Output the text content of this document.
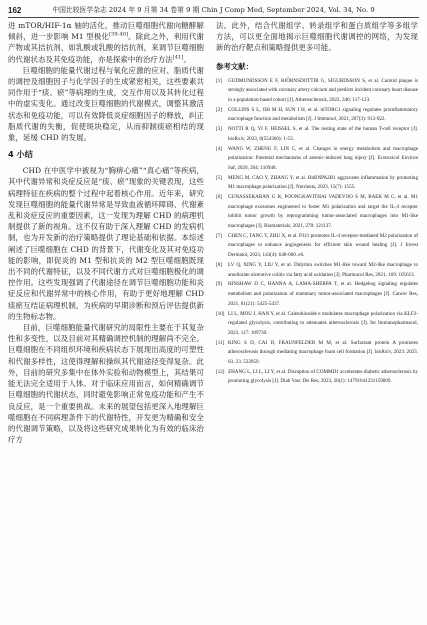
162	中国比较医学杂志 2024 年 9 月第 34 卷第 9 期 Chin J Comp Med, September 2024, Vol. 34, No. 9

进 mTOR/HIF-1α 轴的活化，推动巨噬细胞代谢向糖酵解倾斜，进一步影响 M1 型极化[39-40]。除此之外，利用代谢产物或其拮抗剂、如乳酸或乳酸的拮抗剂，来调节巨噬细胞的代谢状态及其免疫功能，亦是探索中的治疗方法[41]。

巨噬细胞的能量代谢过程与氧化应激的应对、脂质代谢的调控及细胞因子与化学因子的生成紧密相关，这些要素共同作用于“痰、瘀”等病理的生成，交互作用以及其转化过程中的虚实变化。通过改变巨噬细胞的代谢模式，调整其激活状态和免疫功能，可以有效降低炎症细胞因子的释放，纠正脂质代谢的失衡，促使斑块稳定，从而抑制痰瘀相结的现象，延缓 CHD 的发展。

4 小结

CHD 在中医学中被视为“胸痹心痛”“真心痛”等疾病，其中代谢异常和炎症反应是“痰、瘀”现象的关键表现，这些病理特征在疾病的整个过程中起着核心作用。近年来，研究发现巨噬细胞的能量代谢异常是导致血液循环障碍、代谢紊乱和炎症反应的重要因素，这一发现为理解 CHD 的病理机制提供了新的视角。这不仅有助于深入理解 CHD 的发病机制，也为开发新的治疗策略提供了理论基础和依据。本综述阐述了巨噬细胞在 CHD 的背景下，代谢变化及其对免疫功能的影响，即促炎的 M1 型和抗炎的 M2 型巨噬细胞既现出不同的代谢特征，以及不同代谢方式对巨噬细胞极化的调控作用。这些发现强调了代谢途径在调节巨噬细胞功能和炎症反应和代谢异常中的核心作用，有助于更好地理解 CHD 痰瘀互结证病理机制，为疾病的早期诊断和预后评估提供新的生物标志物。

目前，巨噬细胞能量代谢研究的局限性主要在于其复杂性和多变性，以及目前对其精确调控机制的理解尚不完全。巨噬细胞在不同组织环境和疾病状态下展现出高度的可塑性和代谢多样性，这使得理解和操纵其代谢途径变得复杂。此外，目前的研究多集中在体外实验和动物模型上，其结果可能无法完全适用于人体。对于临床应用而言，如何精确调节巨噬细胞的代谢状态，同时避免影响正常免疫功能和产生不良反应，是一个重要挑战。未来的展望包括更深入地理解巨噬细胞在不同病理条件下的代谢特性，开发更为精确和安全的代谢调节策略，以及将这些研究成果转化为有效的临床治疗方

法。此外，结合代谢组学、转录组学和蛋白质组学等多组学方法，可以更全面地揭示巨噬细胞代谢调控的网络，为发现新的治疗靶点和策略提供更多可能。

参考文献：
[1] GUDMUNDSSON E F, BJÖRNSDOTTIR G, SIGURDSSON S, et al. Carotid plaque is strongly associated with coronary artery calcium and predicts incident coronary heart disease in a population-based cohort [J]. Atherosclerosis, 2022, 346: 117-123.
[2] COLLINS S L, OH M H, SUN I H, et al. mTORC1 signaling regulates proinflammatory macrophage function and metabolism [J]. J Immunol, 2021, 207(3): 913-922.
[3] NOTTI R Q, YI F, HEISSEL S, et al. The resting state of the human T-cell receptor [J]. bioRxiv, 2023, 8(554360): 1-53.
[4] WANG W, ZHENG F, LIN C, et al. Changes in energy metabolism and macrophage polarization: Potential mechanisms of arsenic-induced lung injury [J]. Ecotoxicol Environ Saf, 2020, 204: 110948.
[5] MENG M, CAO Y, ZHANG Y, et al. HnRNPA2B1 aggravates inflammation by promoting M1 macrophage polarization [J]. Nutrients, 2023, 15(7): 1555.
[6] GUNASSEKARAN G R, POONGKAVITHAI VADEVOO S M, BAEK M C, et al. M1 macrophage exosomes engineered to foster M1 polarization and target the IL-4 receptor inhibit tumor growth by reprogramming tumor-associated macrophages into M1-like macrophages [J]. Biomaterials, 2021, 278: 121137.
[7] CHEN C, TANG Y, ZHU X, et al. P311 promotes IL-4 receptor-mediated M2 polarization of macrophages to enhance angiogenesis for efficient skin wound healing [J]. J Invest Dermatol, 2023, 143(4): 648-660. e6.
[8] LV Q, XING Y, LIU Y, et al. Didymin switches M1-like toward M2-like macrophage to ameliorate ulcerative colitis via fatty acid oxidation [J]. Pharmacol Res, 2021, 169: 105613.
[9] HINSHAW D C, HANNA A, LAMA-SHERPA T, et al. Hedgehog signaling regulates metabolism and polarization of mammary tumor-associated macrophages [J]. Cancer Res, 2021, 81(21): 5425-5437.
[10] LI L, MOU J, HAN Y, et al. Calenduloside e modulates macrophage polarization via KLF2-regulated glycolysis, contributing to attenuates atherosclerosis [J]. Int Immunopharmacol, 2023, 117: 109730.
[11] KING S D, CAI D, FRAUNFELDER M M, et al. Surfactant protein A promotes atherosclerosis through mediating macrophage foam cell formation [J]. bioRxiv, 2023: 2023. 03. 23. 533959.
[12] ZHANG L, LI L, LI Y, et al. Disruption of COMMD1 accelerates diabetic atherosclerosis by promoting glycolysis [J]. Diab Vasc Dis Res, 2023, 20(1): 14791641231159009.
